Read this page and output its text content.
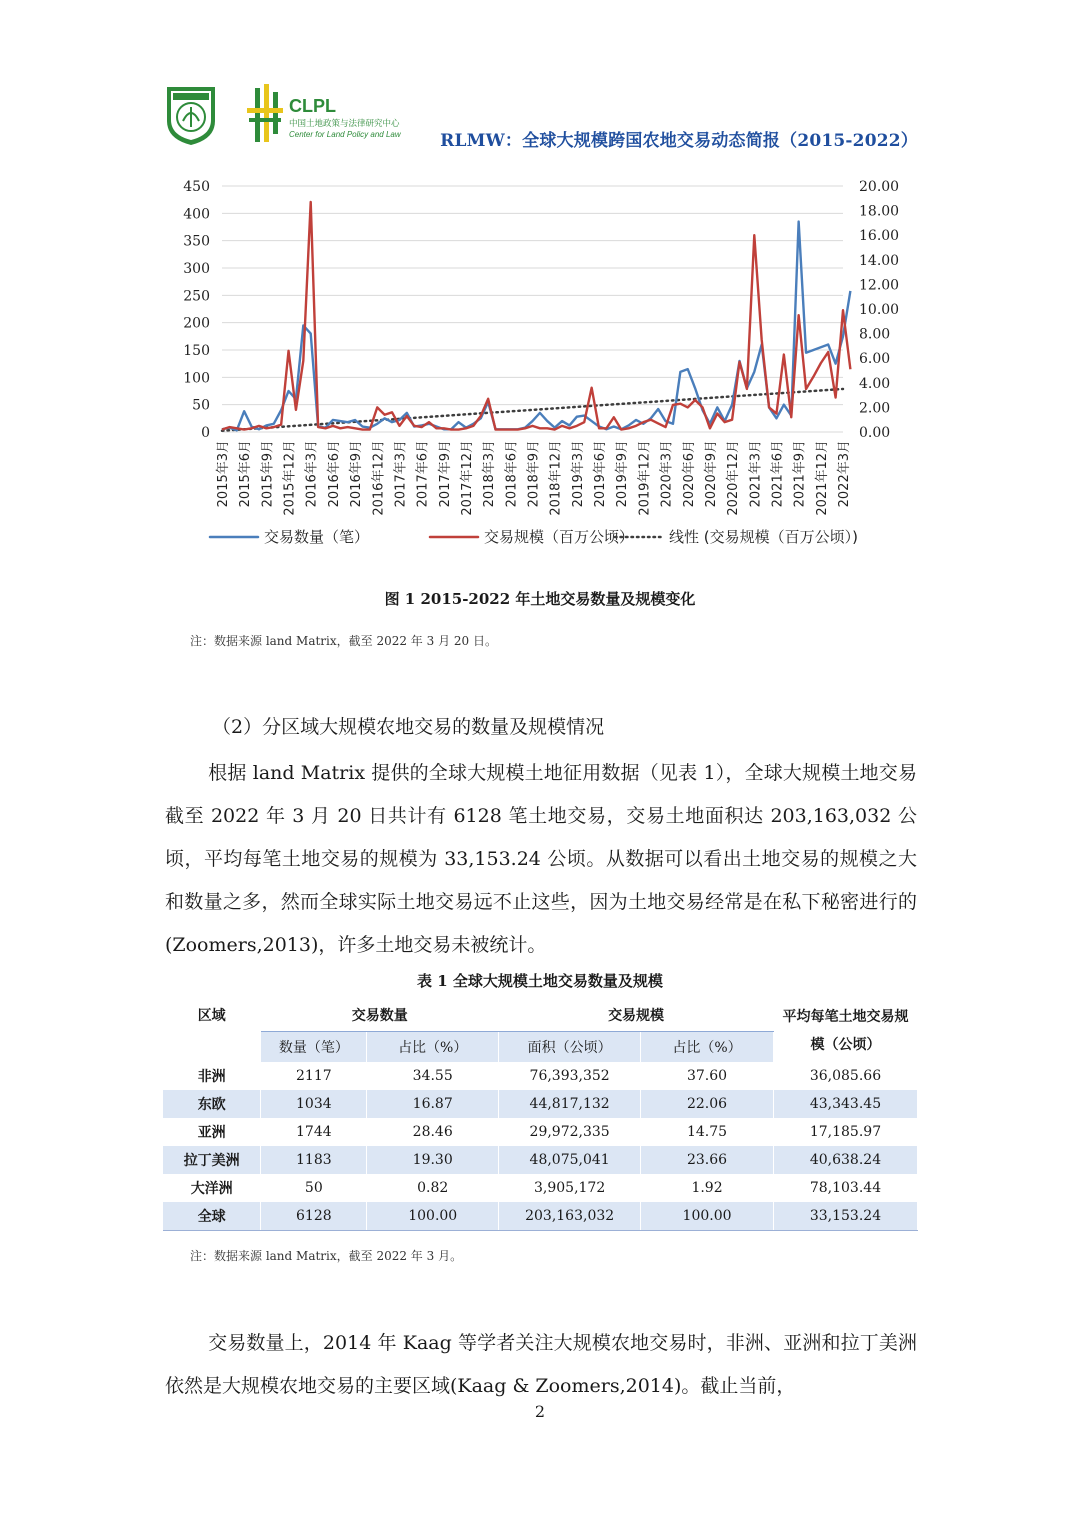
CLPL
中国土地政策与法律研究中心
Center for Land Policy and Law RLMW：全球大规模跨国农地交易动态简报（2015-2022）
0
50
100
150
200
250
300
350
400
450
0.00
2.00
4.00
6.00
8.00
10.00
12.00
14.00
16.00
18.00
20.00
2015年3月 2015年6月 2015年9月 2015年12月 2016年3月 2016年6月 2016年9月 2016年12月 2017年3月 2017年6月 2017年9月 2017年12月 2018年3月 2018年6月 2018年9月 2018年12月 2019年3月 2019年6月 2019年9月 2019年12月 2020年3月 2020年6月 2020年9月 2020年12月 2021年3月 2021年6月 2021年9月 2021年12月 2022年3月
交易数量（笔）	交易规模（百万公顷） 线性 (交易规模（百万公顷）)
图 1 2015-2022 年土地交易数量及规模变化
注：数据来源 land Matrix，截至 2022 年 3 月 20 日。
（2）分区域大规模农地交易的数量及规模情况
根据 land Matrix 提供的全球大规模土地征用数据（见表 1），全球大规模土地交易截至 2022 年 3 月 20 日共计有 6128 笔土地交易，交易土地面积达 203,163,032 公顷，平均每笔土地交易的规模为 33,153.24 公顷。从数据可以看出土地交易的规模之大和数量之多，然而全球实际土地交易远不止这些，因为土地交易经常是在私下秘密进行的(Zoomers,2013)，许多土地交易未被统计。
表 1 全球大规模土地交易数量及规模
区域	交易数量		交易规模		平均每笔土地交易规模（公顷）
	数量（笔）	占比（%）	面积（公顷）	占比（%）	
非洲	2117	34.55	76,393,352	37.60	36,085.66
东欧	1034	16.87	44,817,132	22.06	43,343.45
亚洲	1744	28.46	29,972,335	14.75	17,185.97
拉丁美洲	1183	19.30	48,075,041	23.66	40,638.24
大洋洲	50	0.82	3,905,172	1.92	78,103.44
全球	6128	100.00	203,163,032	100.00	33,153.24
注：数据来源 land Matrix，截至 2022 年 3 月。
交易数量上，2014 年 Kaag 等学者关注大规模农地交易时，非洲、亚洲和拉丁美洲依然是大规模农地交易的主要区域(Kaag & Zoomers,2014)。截止当前，
2
